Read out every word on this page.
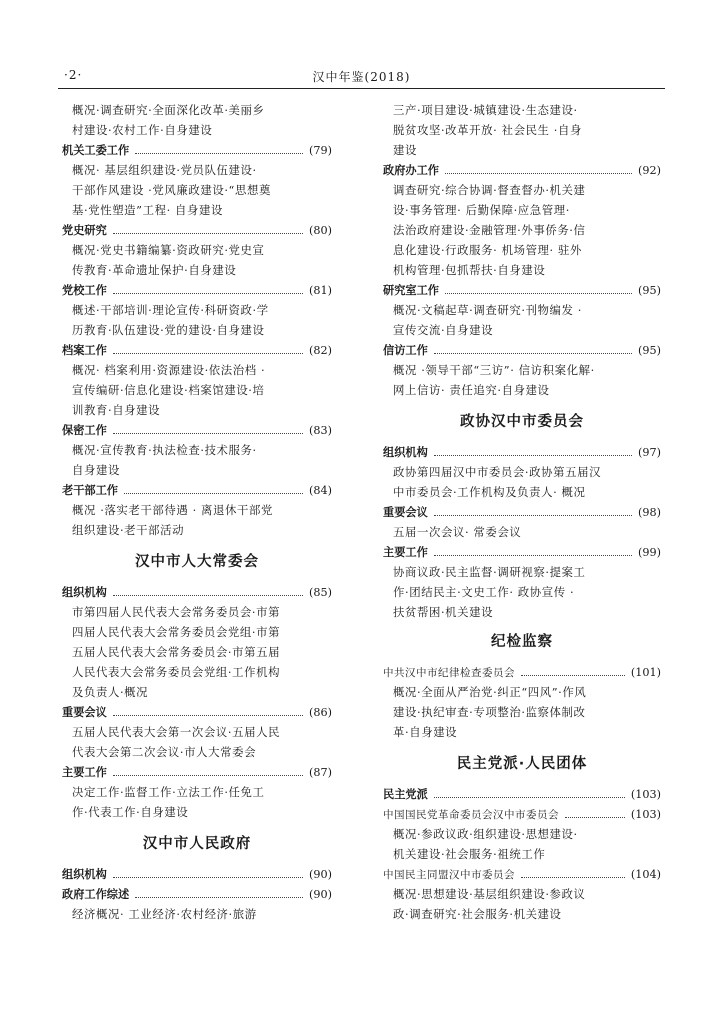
·2·	汉中年鉴(2018)
概况·调查研究·全面深化改革·美丽乡
村建设·农村工作·自身建设
机关工委工作	(79)
概况· 基层组织建设·党员队伍建设·
干部作风建设 ·党风廉政建设·“思想奠
基·党性塑造”工程· 自身建设
党史研究	(80)
概况·党史书籍编纂·资政研究·党史宣
传教育·革命遗址保护·自身建设
党校工作	(81)
概述·干部培训·理论宣传·科研资政·学
历教育·队伍建设·党的建设·自身建设
档案工作	(82)
概况· 档案利用·资源建设·依法治档 ·
宣传编研·信息化建设·档案馆建设·培
训教育·自身建设
保密工作	(83)
概况·宣传教育·执法检查·技术服务·
自身建设
老干部工作	(84)
概况 ·落实老干部待遇 · 离退休干部党
组织建设·老干部活动
汉中市人大常委会
组织机构	(85)
市第四届人民代表大会常务委员会·市第
四届人民代表大会常务委员会党组·市第
五届人民代表大会常务委员会·市第五届
人民代表大会常务委员会党组·工作机构
及负责人·概况
重要会议	(86)
五届人民代表大会第一次会议·五届人民
代表大会第二次会议·市人大常委会
主要工作	(87)
决定工作·监督工作·立法工作·任免工
作·代表工作·自身建设
汉中市人民政府
组织机构	(90)
政府工作综述	(90)
经济概况· 工业经济·农村经济·旅游
三产·项目建设·城镇建设·生态建设·
脱贫攻坚·改革开放· 社会民生 ·自身
建设
政府办工作	(92)
调查研究·综合协调·督查督办·机关建
设·事务管理· 后勤保障·应急管理·
法治政府建设·金融管理·外事侨务·信
息化建设·行政服务· 机场管理· 驻外
机构管理·包抓帮扶·自身建设
研究室工作	(95)
概况·文稿起草·调查研究·刊物编发 ·
宣传交流·自身建设
信访工作	(95)
概况 ·领导干部“三访”· 信访积案化解·
网上信访· 责任追究·自身建设
政协汉中市委员会
组织机构	(97)
政协第四届汉中市委员会·政协第五届汉
中市委员会·工作机构及负责人· 概况
重要会议	(98)
五届一次会议· 常委会议
主要工作	(99)
协商议政·民主监督·调研视察·提案工
作·团结民主·文史工作· 政协宣传 ·
扶贫帮困·机关建设
纪检监察
中共汉中市纪律检查委员会	(101)
概况·全面从严治党·纠正“四风”·作风
建设·执纪审查·专项整治·监察体制改
革·自身建设
民主党派·人民团体
民主党派	(103)
中国国民党革命委员会汉中市委员会	(103)
概况·参政议政·组织建设·思想建设·
机关建设·社会服务·祖统工作
中国民主同盟汉中市委员会	(104)
概况·思想建设·基层组织建设·参政议
政·调查研究·社会服务·机关建设
